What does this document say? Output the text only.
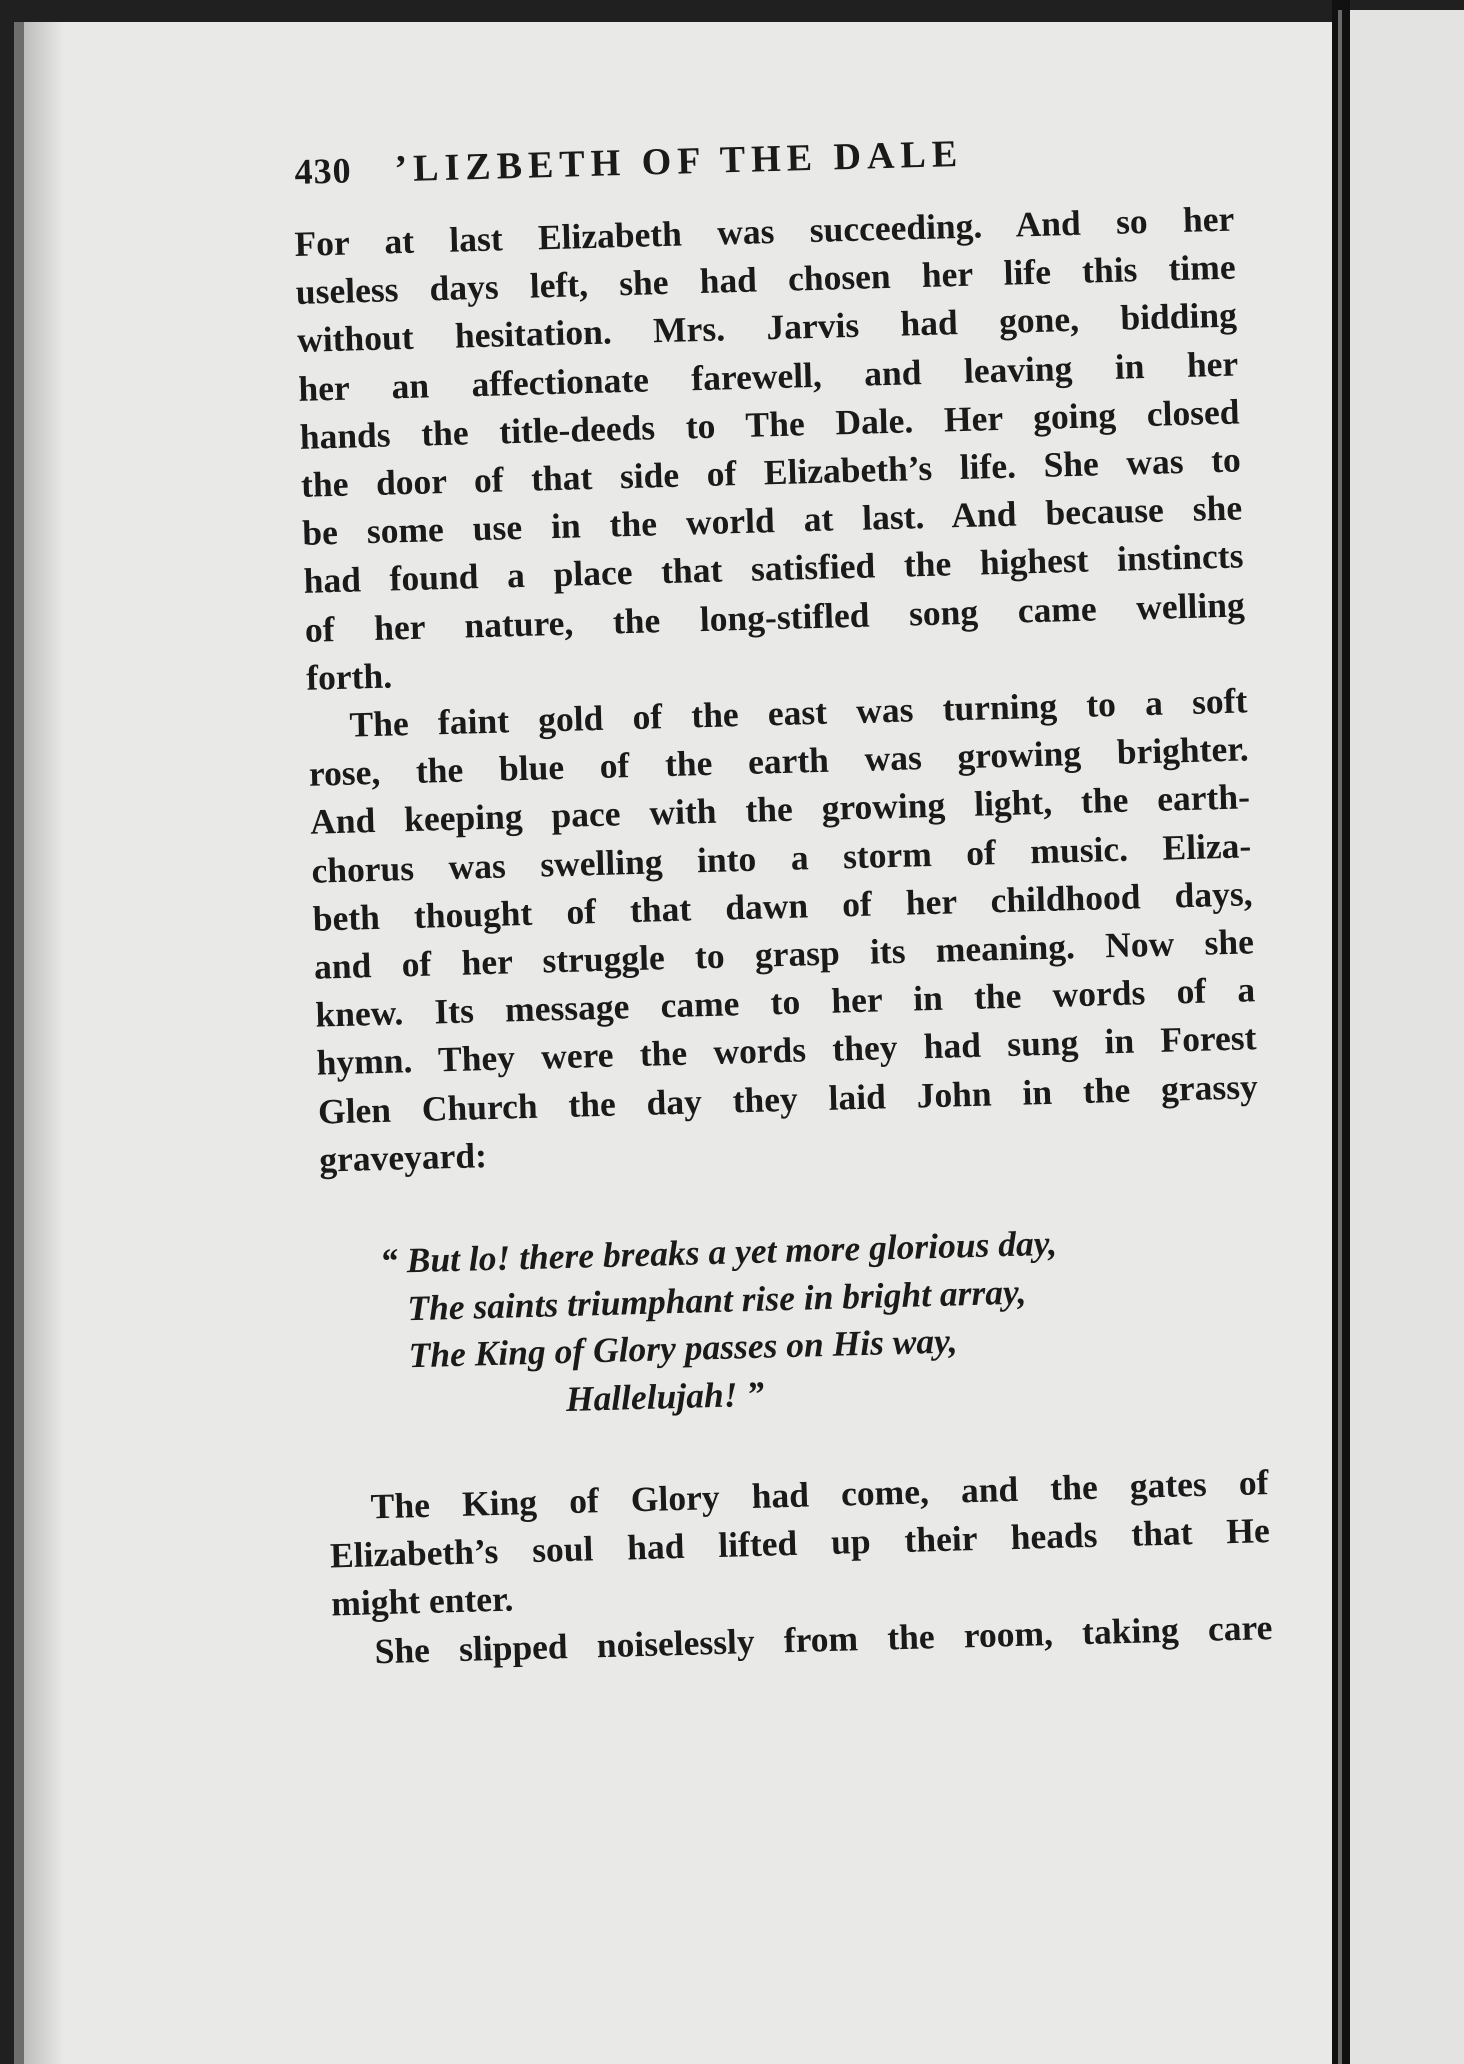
430	’LIZBETH OF THE DALE

For at last Elizabeth was succeeding. And so her
useless days left, she had chosen her life this time
without hesitation. Mrs. Jarvis had gone, bidding
her an affectionate farewell, and leaving in her
hands the title-deeds to The Dale. Her going closed
the door of that side of Elizabeth’s life. She was to
be some use in the world at last. And because she
had found a place that satisfied the highest instincts
of her nature, the long-stifled song came welling
forth.

The faint gold of the east was turning to a soft
rose, the blue of the earth was growing brighter.
And keeping pace with the growing light, the earth-
chorus was swelling into a storm of music. Eliza-
beth thought of that dawn of her childhood days,
and of her struggle to grasp its meaning. Now she
knew. Its message came to her in the words of a
hymn. They were the words they had sung in Forest
Glen Church the day they laid John in the grassy
graveyard:

“ But lo! there breaks a yet more glorious day,
The saints triumphant rise in bright array,
The King of Glory passes on His way,
Hallelujah! ”

The King of Glory had come, and the gates of
Elizabeth’s soul had lifted up their heads that He
might enter.

She slipped noiselessly from the room, taking care
